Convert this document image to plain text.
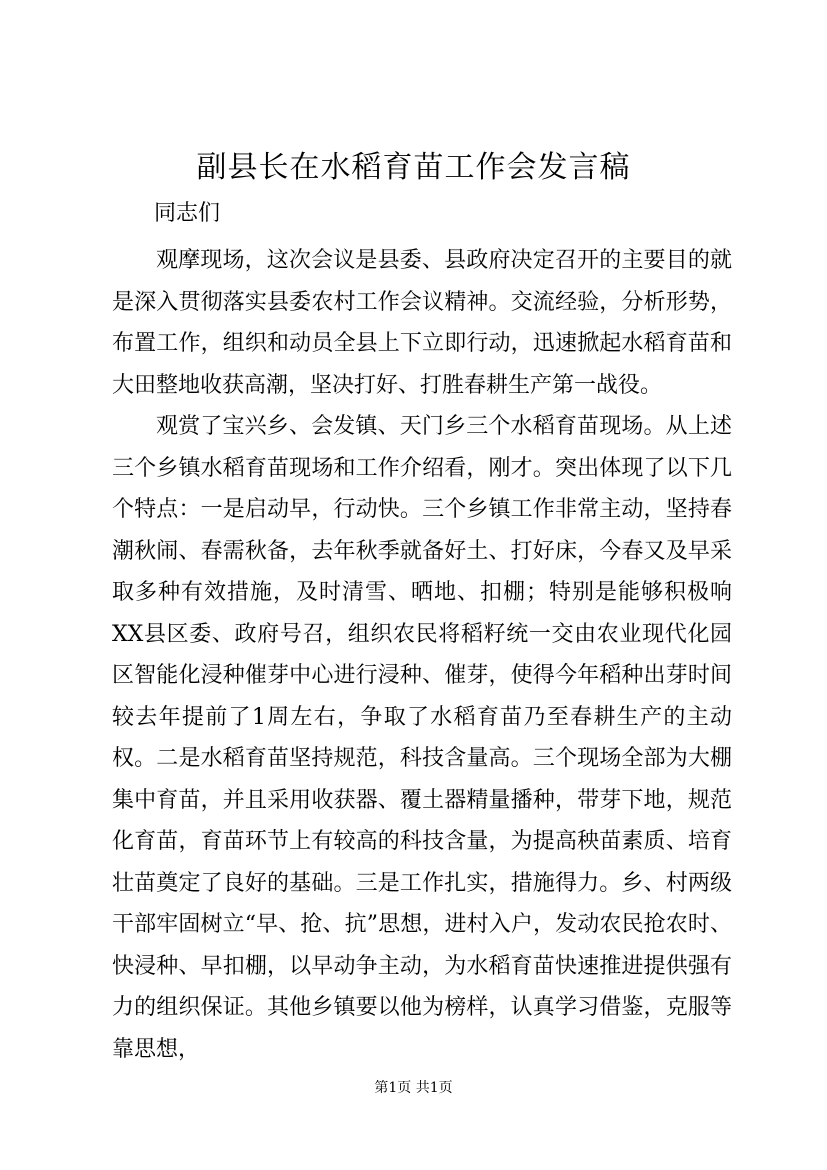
副县长在水稻育苗工作会发言稿
同志们

观摩现场，这次会议是县委、县政府决定召开的主要目的就是深入贯彻落实县委农村工作会议精神。交流经验，分析形势，布置工作，组织和动员全县上下立即行动，迅速掀起水稻育苗和大田整地收获高潮，坚决打好、打胜春耕生产第一战役。

观赏了宝兴乡、会发镇、天门乡三个水稻育苗现场。从上述三个乡镇水稻育苗现场和工作介绍看，刚才。突出体现了以下几个特点：一是启动早，行动快。三个乡镇工作非常主动，坚持春潮秋闹、春需秋备，去年秋季就备好土、打好床，今春又及早采取多种有效措施，及时清雪、晒地、扣棚；特别是能够积极响XX县区委、政府号召，组织农民将稻籽统一交由农业现代化园区智能化浸种催芽中心进行浸种、催芽，使得今年稻种出芽时间较去年提前了1周左右，争取了水稻育苗乃至春耕生产的主动权。二是水稻育苗坚持规范，科技含量高。三个现场全部为大棚集中育苗，并且采用收获器、覆土器精量播种，带芽下地，规范化育苗，育苗环节上有较高的科技含量，为提高秧苗素质、培育壮苗奠定了良好的基础。三是工作扎实，措施得力。乡、村两级干部牢固树立“早、抢、抗”思想，进村入户，发动农民抢农时、快浸种、早扣棚，以早动争主动，为水稻育苗快速推进提供强有力的组织保证。其他乡镇要以他为榜样，认真学习借鉴，克服等靠思想，

第1页 共1页
